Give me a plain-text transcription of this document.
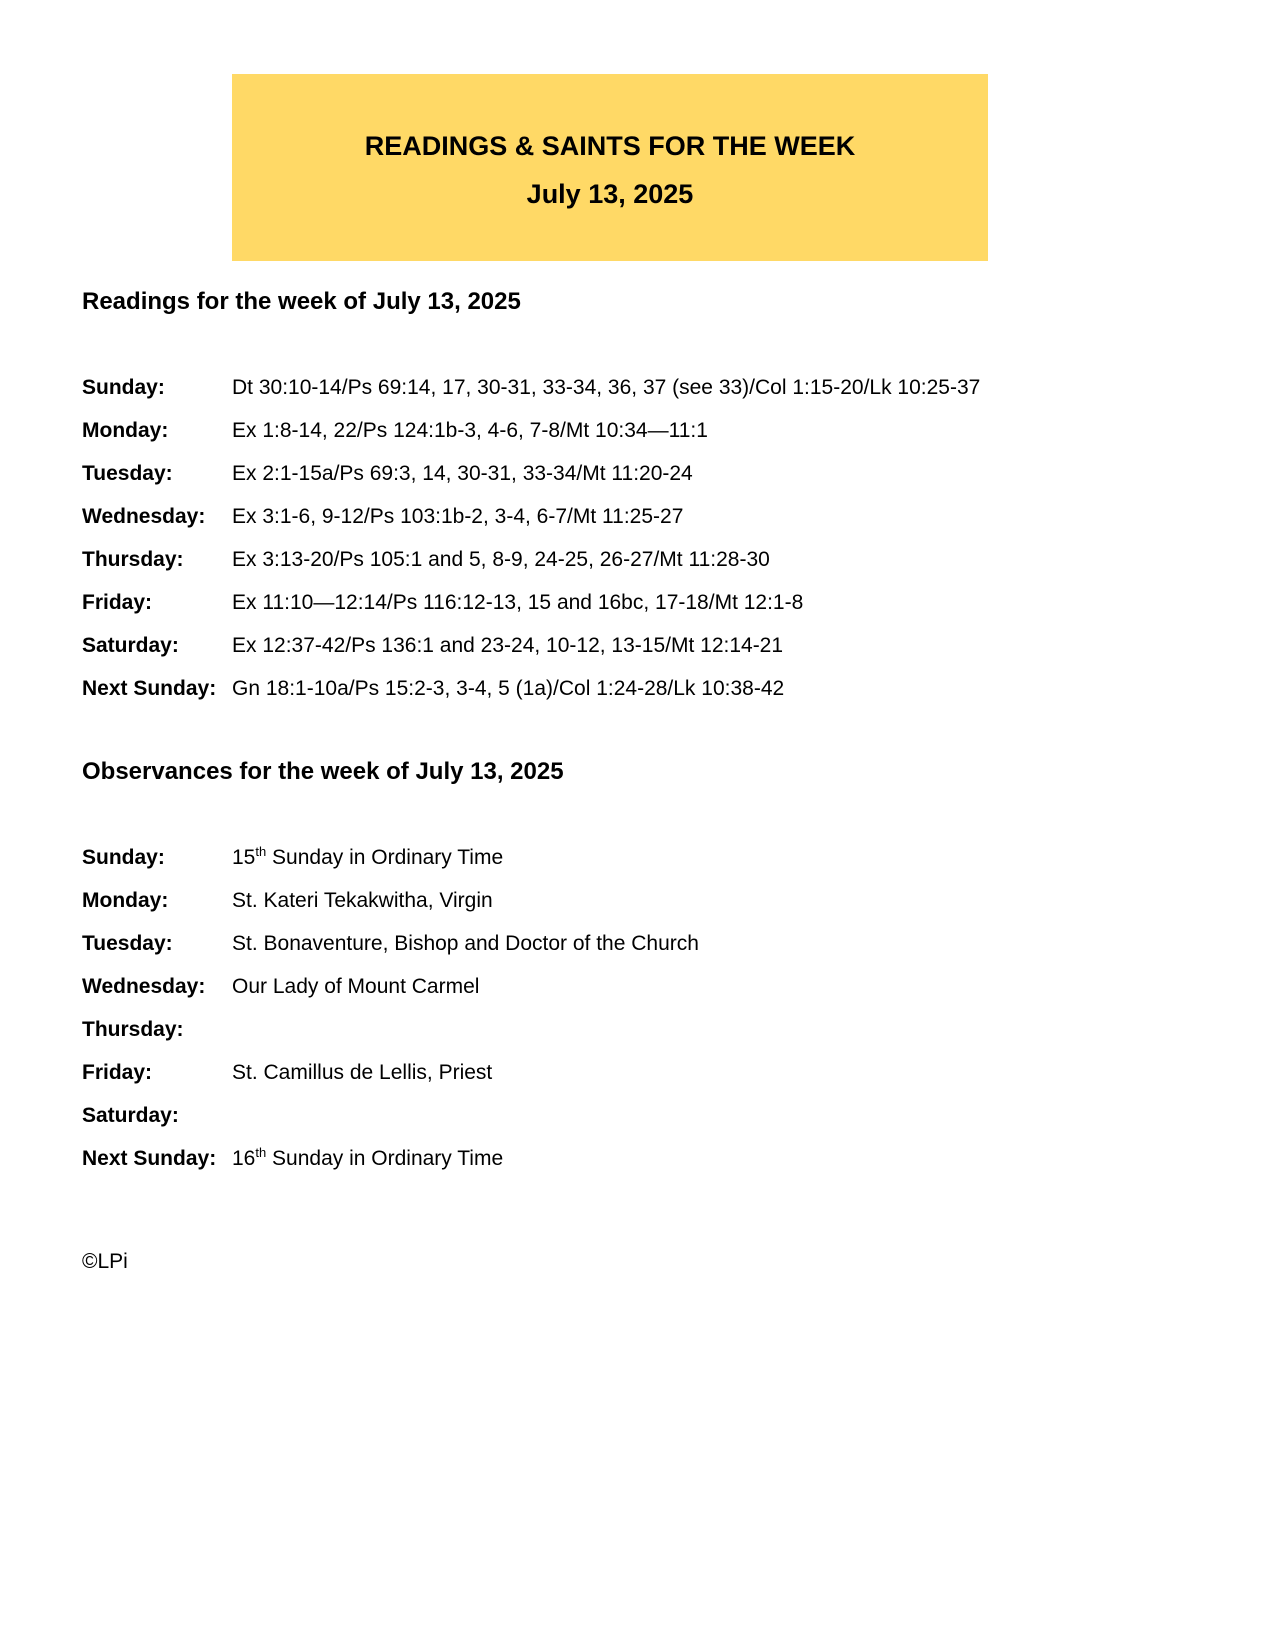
READINGS & SAINTS FOR THE WEEK
July 13, 2025
Readings for the week of July 13, 2025
Sunday:	Dt 30:10-14/Ps 69:14, 17, 30-31, 33-34, 36, 37 (see 33)/Col 1:15-20/Lk 10:25-37
Monday:	Ex 1:8-14, 22/Ps 124:1b-3, 4-6, 7-8/Mt 10:34—11:1
Tuesday:	Ex 2:1-15a/Ps 69:3, 14, 30-31, 33-34/Mt 11:20-24
Wednesday:	Ex 3:1-6, 9-12/Ps 103:1b-2, 3-4, 6-7/Mt 11:25-27
Thursday:	Ex 3:13-20/Ps 105:1 and 5, 8-9, 24-25, 26-27/Mt 11:28-30
Friday:	Ex 11:10—12:14/Ps 116:12-13, 15 and 16bc, 17-18/Mt 12:1-8
Saturday:	Ex 12:37-42/Ps 136:1 and 23-24, 10-12, 13-15/Mt 12:14-21
Next Sunday: Gn 18:1-10a/Ps 15:2-3, 3-4, 5 (1a)/Col 1:24-28/Lk 10:38-42
Observances for the week of July 13, 2025
Sunday:	15th Sunday in Ordinary Time
Monday:	St. Kateri Tekakwitha, Virgin
Tuesday:	St. Bonaventure, Bishop and Doctor of the Church
Wednesday:	Our Lady of Mount Carmel
Thursday:
Friday:	St. Camillus de Lellis, Priest
Saturday:
Next Sunday: 16th Sunday in Ordinary Time
©LPi
